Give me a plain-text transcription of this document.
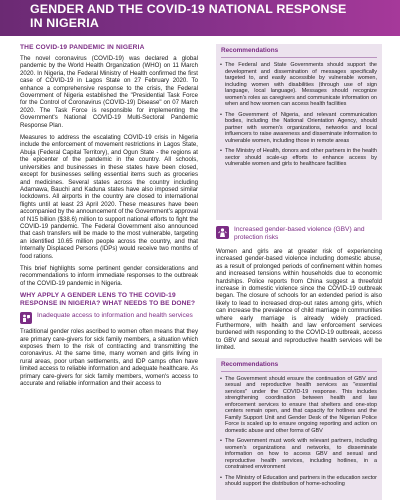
GENDER AND THE COVID-19 NATIONAL RESPONSE
IN NIGERIA
THE COVID-19 PANDEMIC IN NIGERIA

The novel coronavirus (COVID-19) was declared a global pandemic by the World Health Organization (WHO) on 11 March 2020. In Nigeria, the Federal Ministry of Health confirmed the first case of COVID-19 in Lagos State on 27 February 2020. To enhance a comprehensive response to the crisis, the Federal Government of Nigeria established the "Presidential Task Force for the Control of Coronavirus (COVID-19) Disease" on 07 March 2020. The Task Force is responsible for implementing the Government's National COVID-19 Multi-Sectoral Pandemic Response Plan.

Measures to address the escalating COVID-19 crisis in Nigeria include the enforcement of movement restrictions in Lagos State, Abuja (Federal Capital Territory), and Ogun State - the regions at the epicenter of the pandemic in the country. All schools, universities and businesses in these states have been closed, except for businesses selling essential items such as groceries and medicines. Several states across the country including Adamawa, Bauchi and Kaduna states have also imposed similar lockdowns. All airports in the country are closed to international flights until at least 23 April 2020. These measures have been accompanied by the announcement of the Government's approval of N15 billion ($38.6) million to support national efforts to fight the COVID-19 pandemic. The Federal Government also announced that cash transfers will be made to the most vulnerable, targeting an identified 10.65 million people across the country, and that Internally Displaced Persons (IDPs) would receive two months of food rations.

This brief highlights some pertinent gender considerations and recommendations to inform immediate responses to the outbreak of the COVID-19 pandemic in Nigeria.

WHY APPLY A GENDER LENS TO THE COVID-19 RESPONSE IN NIGERIA? WHAT NEEDS TO BE DONE?
Inadequate access to information and health services

Traditional gender roles ascribed to women often means that they are primary care-givers for sick family members, a situation which exposes them to the risk of contracting and transmitting the coronavirus. At the same time, many women and girls living in rural areas, poor urban settlements, and IDP camps often have limited access to reliable information and adequate healthcare. As primary care-givers for sick family members, women's access to accurate and reliable information and their access to

Recommendations
• The Federal and State Governments should support the development and dissemination of messages specifically targeted to, and easily accessible by vulnerable women, including women with disabilities (through use of sign language, local language). Messages should recognize women's roles as caregivers and communicate information on when and how women can access health facilities
• The Government of Nigeria, and relevant communication bodies, including the National Orientation Agency, should partner with women's organizations, networks and local influencers to raise awareness and disseminate information to vulnerable women, including those in remote areas
• The Ministry of Health, donors and other partners in the health sector should scale-up efforts to enhance access by vulnerable women and girls to healthcare facilities
Increased gender-based violence (GBV) and protection risks

Women and girls are at greater risk of experiencing increased gender-based violence including domestic abuse, as a result of prolonged periods of confinement within homes and increased tensions within households due to economic hardships. Police reports from China suggest a threefold increase in domestic violence since the COVID-19 outbreak began. The closure of schools for an extended period is also likely to lead to increased drop-out rates among girls, which can increase the prevalence of child marriage in communities where early marriage is already widely practiced. Furthermore, with health and law enforcement services burdened with responding to the COVID-19 outbreak, access to GBV and sexual and reproductive health services will be limited.

Recommendations
• The Government should ensure the continuation of GBV and sexual and reproductive health services as "essential services" under the COVID-19 response. This includes strengthening coordination between health and law enforcement services to ensure that shelters and one-stop centers remain open, and that capacity for hotlines and the Family Support Unit and Gender Desk of the Nigerian Police Force is scaled up to ensure ongoing reporting and action on domestic abuse and other forms of GBV
• The Government must work with relevant partners, including women's organizations and networks, to disseminate information on how to access GBV and sexual and reproductive health services, including hotlines, in a constrained environment
• The Ministry of Education and partners in the education sector should support the distribution of home-schooling
